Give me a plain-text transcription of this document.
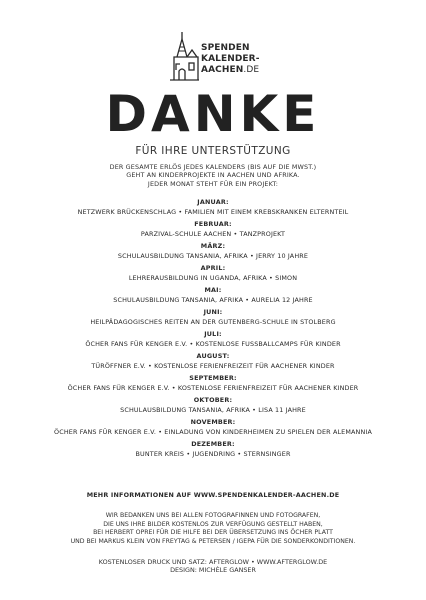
SPENDEN
KALENDER-
AACHEN.DE
DANKE
FÜR IHRE UNTERSTÜTZUNG
DER GESAMTE ERLÖS JEDES KALENDERS (BIS AUF DIE MWST.)
GEHT AN KINDERPROJEKTE IN AACHEN UND AFRIKA.
JEDER MONAT STEHT FÜR EIN PROJEKT:
JANUAR:
NETZWERK BRÜCKENSCHLAG • FAMILIEN MIT EINEM KREBSKRANKEN ELTERNTEIL
FEBRUAR:
PARZIVAL-SCHULE AACHEN • TANZPROJEKT
MÄRZ:
SCHULAUSBILDUNG TANSANIA, AFRIKA • JERRY 10 JAHRE
APRIL:
LEHRERAUSBILDUNG IN UGANDA, AFRIKA • SIMON
MAI:
SCHULAUSBILDUNG TANSANIA, AFRIKA • AURELIA 12 JAHRE
JUNI:
HEILPÄDAGOGISCHES REITEN AN DER GUTENBERG-SCHULE IN STOLBERG
JULI:
ÖCHER FANS FÜR KENGER E.V. • KOSTENLOSE FUSSBALLCAMPS FÜR KINDER
AUGUST:
TÜRÖFFNER E.V. • KOSTENLOSE FERIENFREIZEIT FÜR AACHENER KINDER
SEPTEMBER:
ÖCHER FANS FÜR KENGER E.V. • KOSTENLOSE FERIENFREIZEIT FÜR AACHENER KINDER
OKTOBER:
SCHULAUSBILDUNG TANSANIA, AFRIKA • LISA 11 JAHRE
NOVEMBER:
ÖCHER FANS FÜR KENGER E.V. • EINLADUNG VON KINDERHEIMEN ZU SPIELEN DER ALEMANNIA
DEZEMBER:
BUNTER KREIS • JUGENDRING • STERNSINGER
MEHR INFORMATIONEN AUF WWW.SPENDENKALENDER-AACHEN.DE
WIR BEDANKEN UNS BEI ALLEN FOTOGRAFINNEN UND FOTOGRAFEN,
DIE UNS IHRE BILDER KOSTENLOS ZUR VERFÜGUNG GESTELLT HABEN,
BEI HERBERT OPREI FÜR DIE HILFE BEI DER ÜBERSETZUNG INS ÖCHER PLATT
UND BEI MARKUS KLEIN VON FREYTAG & PETERSEN / IGEPA FÜR DIE SONDERKONDITIONEN.
KOSTENLOSER DRUCK UND SATZ: AFTERGLOW • WWW.AFTERGLOW.DE
DESIGN: MICHÈLE GANSER
